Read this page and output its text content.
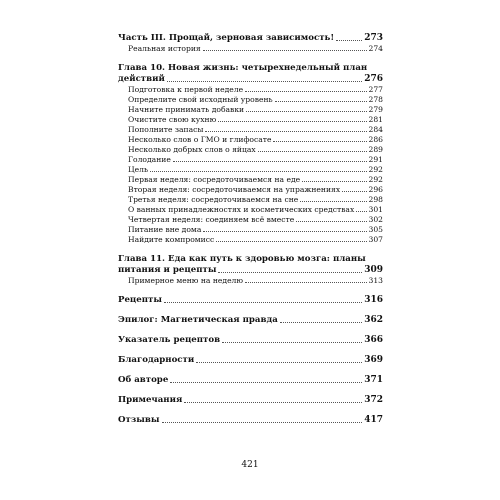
Часть III. Прощай, зерновая зависимость!	273
Реальная история	274
Глава 10. Новая жизнь: четырехнедельный план
действий	276
Подготовка к первой неделе	277
Определите свой исходный уровень	278
Начните принимать добавки	279
Очистите свою кухню	281
Пополните запасы	284
Несколько слов о ГМО и глифосате	286
Несколько добрых слов о яйцах	289
Голодание	291
Цель	292
Первая неделя: сосредоточиваемся на еде	292
Вторая неделя: сосредоточиваемся на упражнениях	296
Третья неделя: сосредоточиваемся на сне	298
О ванных принадлежностях и косметических средствах 301
Четвертая неделя: соединяем всё вместе	302
Питание вне дома	305
Найдите компромисс	307
Глава 11. Еда как путь к здоровью мозга: планы
питания и рецепты	309
Примерное меню на неделю	313
Рецепты	316
Эпилог: Магнетическая правда	362
Указатель рецептов	366
Благодарности	369
Об авторе	371
Примечания	372
Отзывы	417
421
